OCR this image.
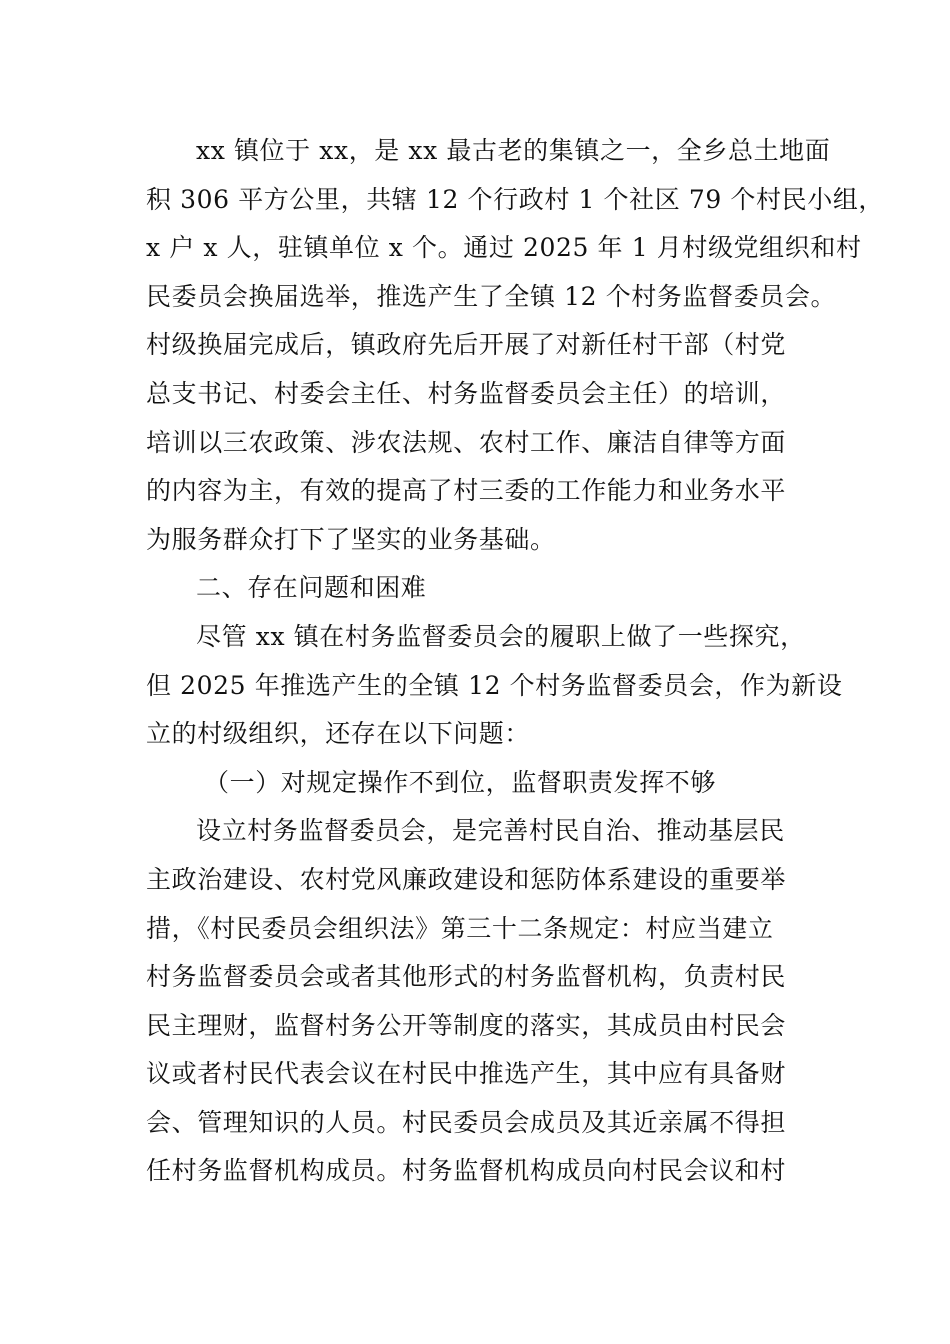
xx 镇位于 xx，是 xx 最古老的集镇之一，全乡总土地面
积 306 平方公里，共辖 12 个行政村 1 个社区 79 个村民小组，
x 户 x 人，驻镇单位 x 个。通过 2025 年 1 月村级党组织和村
民委员会换届选举，推选产生了全镇 12 个村务监督委员会。
村级换届完成后，镇政府先后开展了对新任村干部（村党
总支书记、村委会主任、村务监督委员会主任）的培训，
培训以三农政策、涉农法规、农村工作、廉洁自律等方面
的内容为主，有效的提高了村三委的工作能力和业务水平
为服务群众打下了坚实的业务基础。
二、存在问题和困难
尽管 xx 镇在村务监督委员会的履职上做了一些探究，
但 2025 年推选产生的全镇 12 个村务监督委员会，作为新设
立的村级组织，还存在以下问题：
（一）对规定操作不到位，监督职责发挥不够
设立村务监督委员会，是完善村民自治、推动基层民
主政治建设、农村党风廉政建设和惩防体系建设的重要举
措，《村民委员会组织法》第三十二条规定：村应当建立
村务监督委员会或者其他形式的村务监督机构，负责村民
民主理财，监督村务公开等制度的落实，其成员由村民会
议或者村民代表会议在村民中推选产生，其中应有具备财
会、管理知识的人员。村民委员会成员及其近亲属不得担
任村务监督机构成员。村务监督机构成员向村民会议和村
